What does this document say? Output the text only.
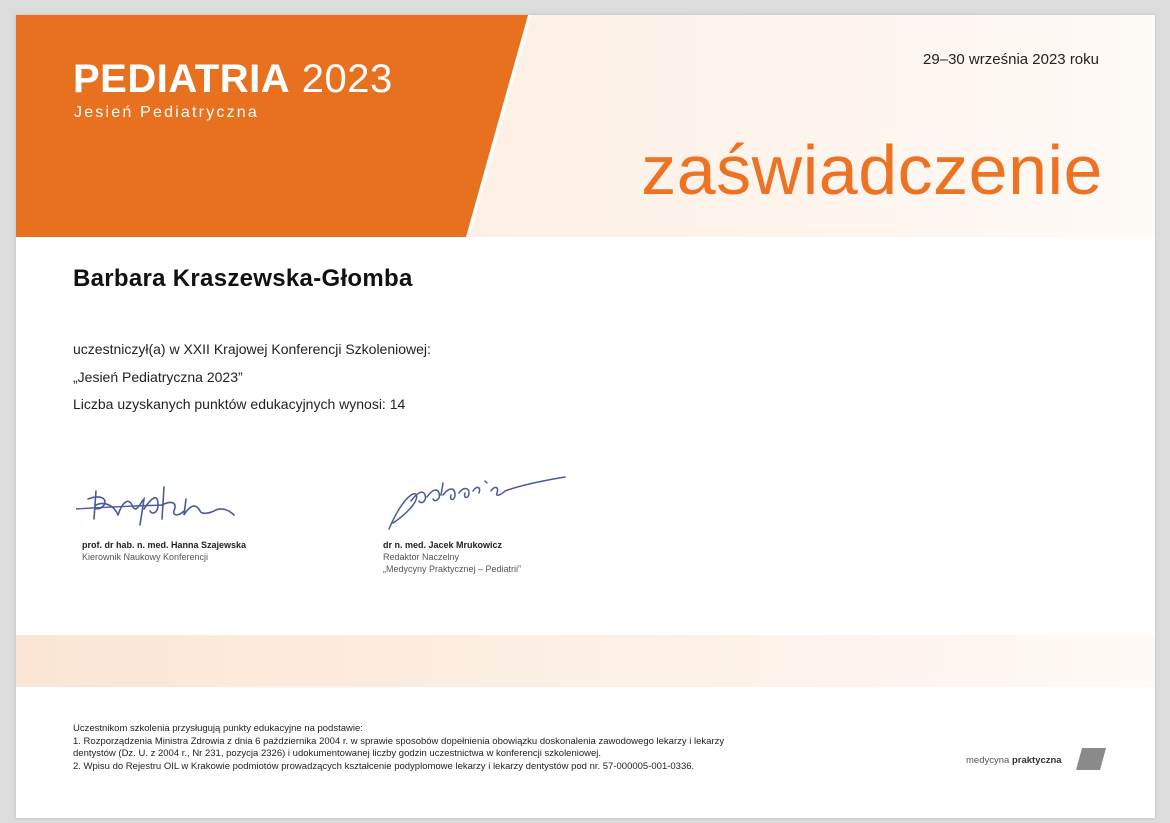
PEDIATRIA 2023
Jesień Pediatryczna
29–30 września 2023 roku
zaświadczenie
Barbara Kraszewska-Głomba
uczestniczył(a) w XXII Krajowej Konferencji Szkoleniowej:
„Jesień Pediatryczna 2023”
Liczba uzyskanych punktów edukacyjnych wynosi: 14
prof. dr hab. n. med. Hanna Szajewska
Kierownik Naukowy Konferencji
dr n. med. Jacek Mrukowicz
Redaktor Naczelny
„Medycyny Praktycznej – Pediatrii”
Uczestnikom szkolenia przysługują punkty edukacyjne na podstawie:
1. Rozporządzenia Ministra Zdrowia z dnia 6 października 2004 r. w sprawie sposobów dopełnienia obowiązku doskonalenia zawodowego lekarzy i lekarzy
dentystów (Dz. U. z 2004 r., Nr 231, pozycja 2326) i udokumentowanej liczby godzin uczestnictwa w konferencji szkoleniowej.
2. Wpisu do Rejestru OIL w Krakowie podmiotów prowadzących kształcenie podyplomowe lekarzy i lekarzy dentystów pod nr. 57-000005-001-0336.	medycyna praktyczna
